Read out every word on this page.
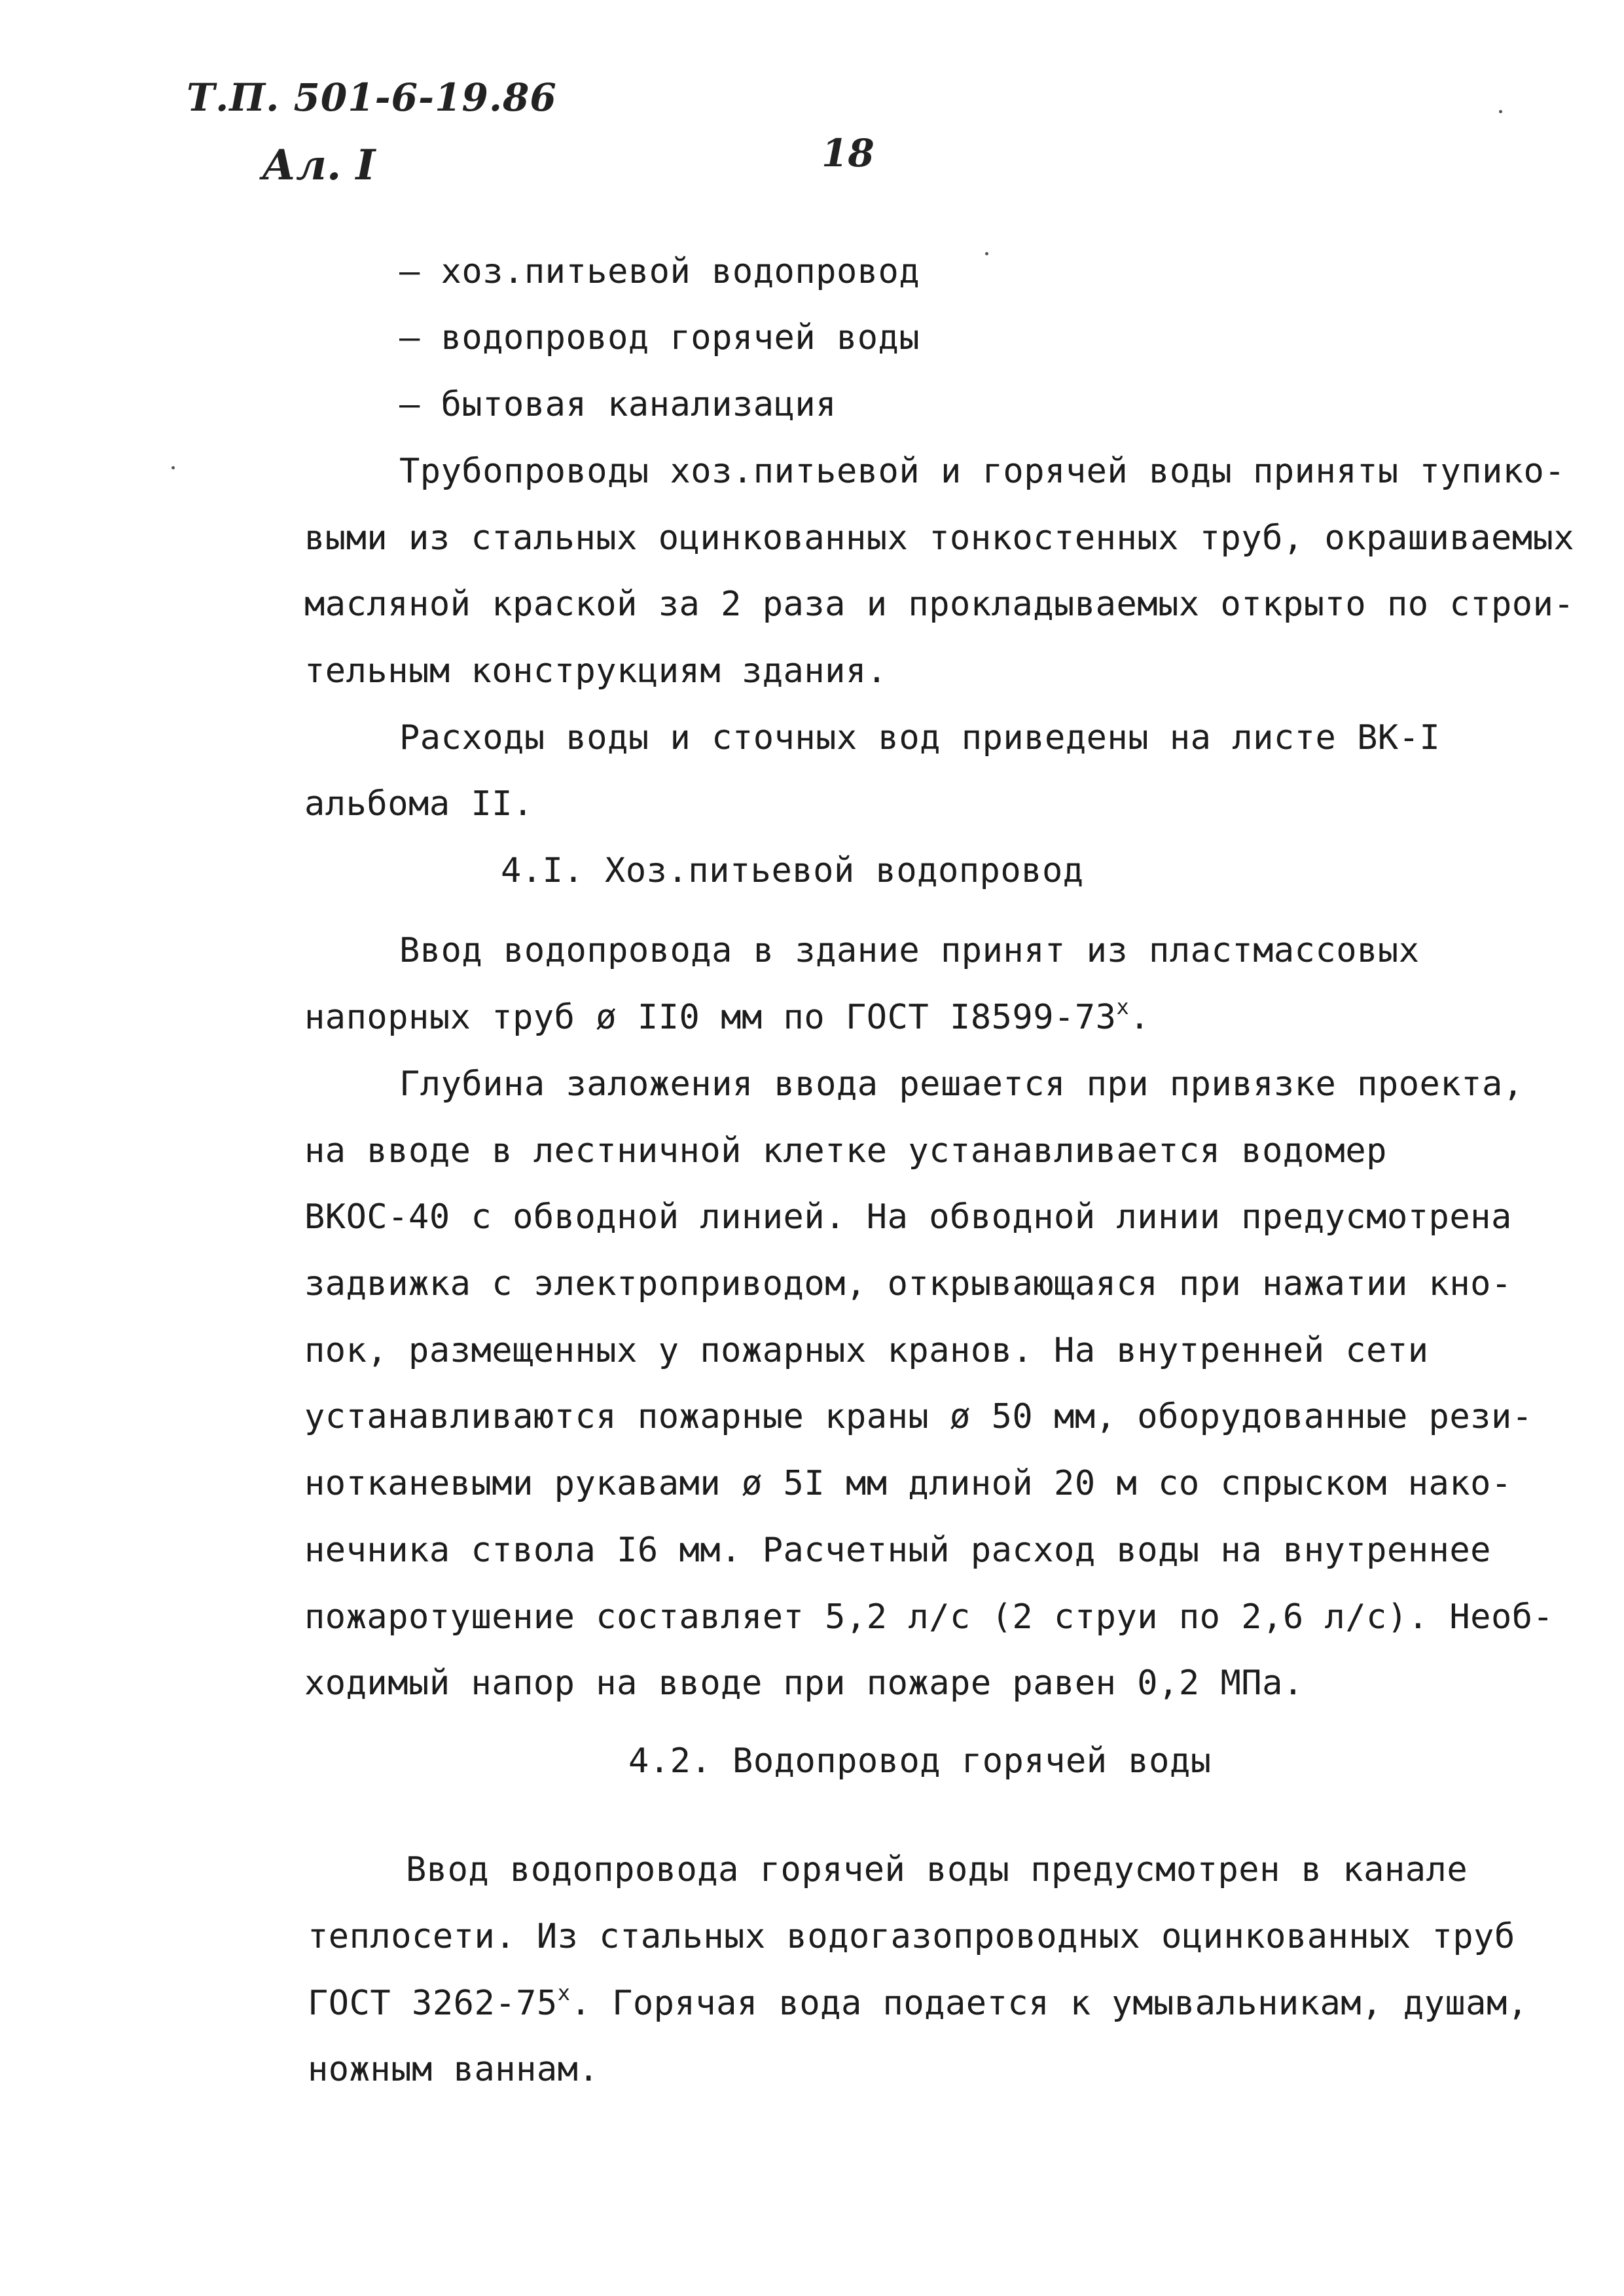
Т.П. 501-6-19.86
Ал. I	18
– хоз.питьевой водопровод
– водопровод горячей воды
– бытовая канализация
Трубопроводы хоз.питьевой и горячей воды приняты тупико-
выми из стальных оцинкованных тонкостенных труб, окрашиваемых
масляной краской за 2 раза и прокладываемых открыто по строи-
тельным конструкциям здания.
Расходы воды и сточных вод приведены на листе ВК-I
альбома II.
4.I. Хоз.питьевой водопровод
Ввод водопровода в здание принят из пластмассовых
напорных труб ø II0 мм по ГОСТ I8599-73$^x$.
Глубина заложения ввода решается при привязке проекта,
на вводе в лестничной клетке устанавливается водомер
ВКОС-40 с обводной линией. На обводной линии предусмотрена
задвижка с электроприводом, открывающаяся при нажатии кно-
пок, размещенных у пожарных кранов. На внутренней сети
устанавливаются пожарные краны ø 50 мм, оборудованные рези-
нотканевыми рукавами ø 5I мм длиной 20 м со спрыском нако-
нечника ствола I6 мм. Расчетный расход воды на внутреннее
пожаротушение составляет 5,2 л/с (2 струи по 2,6 л/с). Необ-
ходимый напор на вводе при пожаре равен 0,2 МПа.
4.2. Водопровод горячей воды
Ввод водопровода горячей воды предусмотрен в канале
теплосети. Из стальных водогазопроводных оцинкованных труб
ГОСТ 3262-75$^x$. Горячая вода подается к умывальникам, душам,
ножным ваннам.
